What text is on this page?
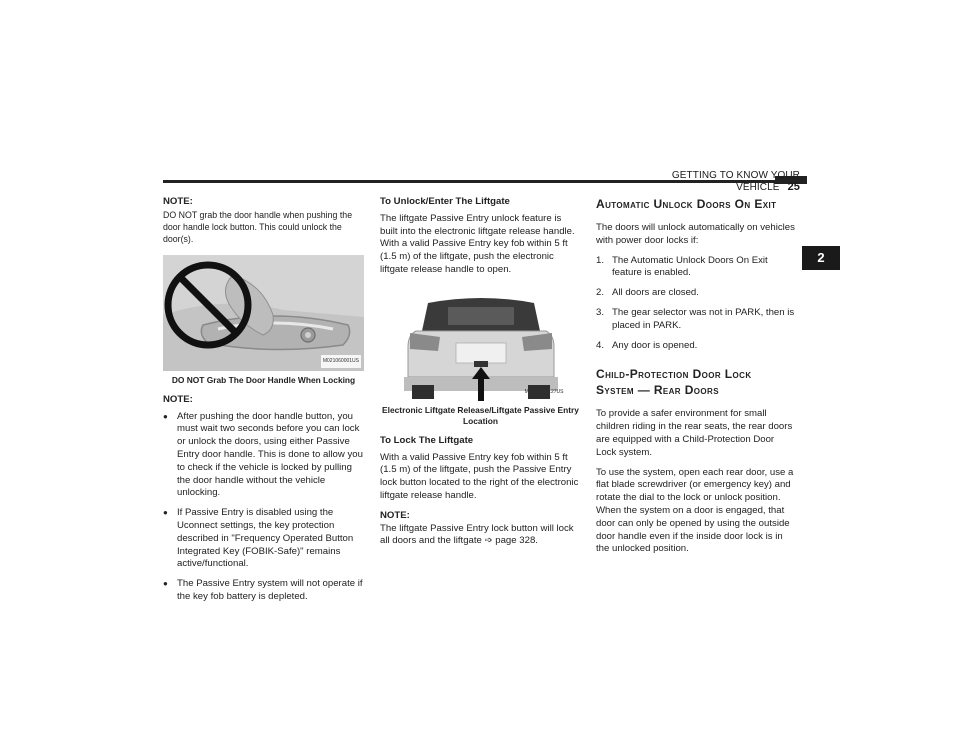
GETTING TO KNOW YOUR VEHICLE 25
2

NOTE:

DO NOT grab the door handle when pushing the door handle lock button. This could unlock the door(s).

M021060001US

DO NOT Grab The Door Handle When Locking

NOTE:

● After pushing the door handle button, you must wait two seconds before you can lock or unlock the doors, using either Passive Entry door handle. This is done to allow you to check if the vehicle is locked by pulling the door handle without the vehicle unlocking.
● If Passive Entry is disabled using the Uconnect settings, the key protection described in "Frequency Operated Button Integrated Key (FOBIK-Safe)" remains active/functional.
● The Passive Entry system will not operate if the key fob battery is depleted.

To Unlock/Enter The Liftgate

The liftgate Passive Entry unlock feature is built into the electronic liftgate release handle. With a valid Passive Entry key fob within 5 ft (1.5 m) of the liftgate, push the electronic liftgate release handle to open.

M0338000127US

Electronic Liftgate Release/Liftgate Passive Entry Location

To Lock The Liftgate

With a valid Passive Entry key fob within 5 ft (1.5 m) of the liftgate, push the Passive Entry lock button located to the right of the electronic liftgate release handle.

NOTE:

The liftgate Passive Entry lock button will lock all doors and the liftgate ➩ page 328.

Automatic Unlock Doors On Exit

The doors will unlock automatically on vehicles with power door locks if:

1. The Automatic Unlock Doors On Exit feature is enabled.
2. All doors are closed.
3. The gear selector was not in PARK, then is placed in PARK.
4. Any door is opened.

Child-Protection Door Lock
System — Rear Doors

To provide a safer environment for small children riding in the rear seats, the rear doors are equipped with a Child-Protection Door Lock system.

To use the system, open each rear door, use a flat blade screwdriver (or emergency key) and rotate the dial to the lock or unlock position. When the system on a door is engaged, that door can only be opened by using the outside door handle even if the inside door lock is in the unlocked position.
